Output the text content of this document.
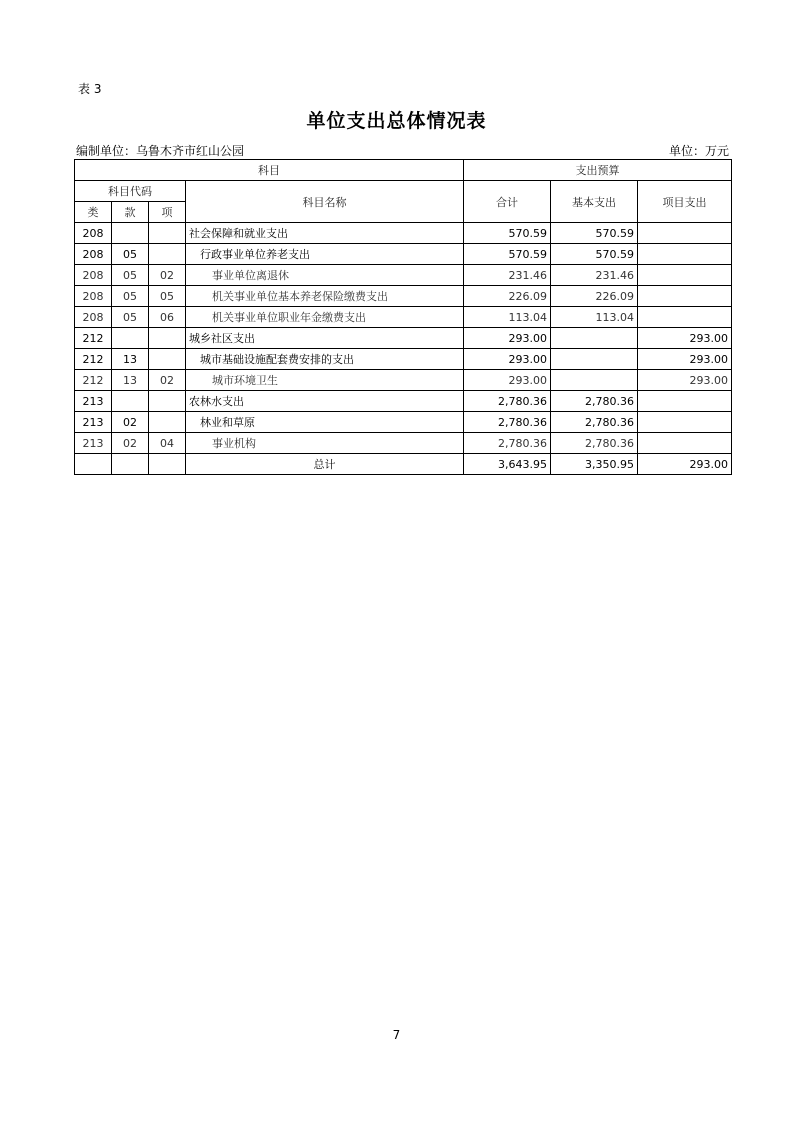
表 3
单位支出总体情况表
编制单位：乌鲁木齐市红山公园	单位：万元
科目				支出预算		
科目代码			科目名称	合计	基本支出	项目支出
类	款	项				
208			社会保障和就业支出	570.59	570.59	
208	05		行政事业单位养老支出	570.59	570.59	
208	05	02	事业单位离退休	231.46	231.46	
208	05	05	机关事业单位基本养老保险缴费支出	226.09	226.09	
208	05	06	机关事业单位职业年金缴费支出	113.04	113.04	
212			城乡社区支出	293.00		293.00
212	13		城市基础设施配套费安排的支出	293.00		293.00
212	13	02	城市环境卫生	293.00		293.00
213			农林水支出	2,780.36	2,780.36	
213	02		林业和草原	2,780.36	2,780.36	
213	02	04	事业机构	2,780.36	2,780.36	
			总计	3,643.95	3,350.95	293.00
7
